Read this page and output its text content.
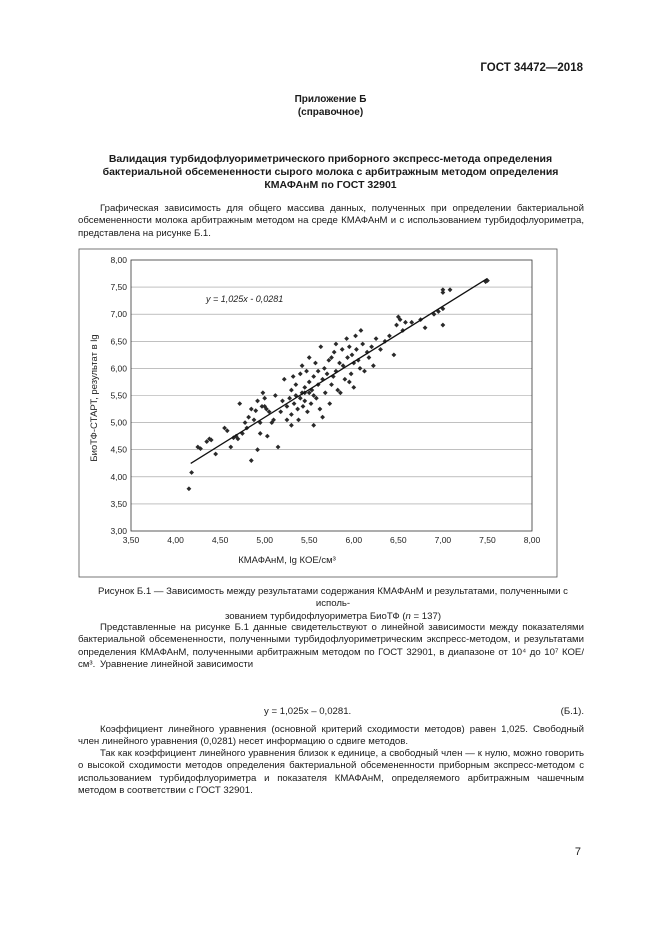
ГОСТ 34472—2018
Приложение Б
(справочное)
Валидация турбидофлуориметрического приборного экспресс-метода определения
бактериальной обсемененности сырого молока с арбитражным методом определения
КМАФАнМ по ГОСТ 32901
Графическая зависимость для общего массива данных, полученных при определении бактериальной обсемененности молока арбитражным методом на среде КМАФАнМ и с использованием турбидофлуориметра, представлена на рисунке Б.1.
3,00
3,50
4,00
4,50
5,00
5,50
6,00
6,50
7,00
7,50
8,00
3,50	4,00	4,50	5,00	5,50	6,00	6,50	7,00	7,50	8,00
y = 1,025x - 0,0281
КМАФАнМ, lg КОЕ/см³
БиоТФ-СТАРТ, результат в lg
Рисунок Б.1 — Зависимость между результатами содержания КМАФАнМ и результатами, полученными с исполь-
зованием турбидофлуориметра БиоТФ (n = 137)
Представленные на рисунке Б.1 данные свидетельствуют о линейной зависимости между показателями бактериальной обсемененности, полученными турбидофлуориметрическим экспресс-методом, и результатами определения КМАФАнМ, полученными арбитражным методом по ГОСТ 32901, в диапазоне от 10⁴ до 10⁷ КОЕ/см³. Уравнение линейной зависимости
y = 1,025x – 0,0281.	(Б.1).
Коэффициент линейного уравнения (основной критерий сходимости методов) равен 1,025. Свободный член линейного уравнения (0,0281) несет информацию о сдвиге методов.
Так как коэффициент линейного уравнения близок к единице, а свободный член — к нулю, можно говорить о высокой сходимости методов определения бактериальной обсемененности приборным экспресс-методом с использованием турбидофлуориметра и показателя КМАФАнМ, определяемого арбитражным чашечным методом в соответствии с ГОСТ 32901.
7
